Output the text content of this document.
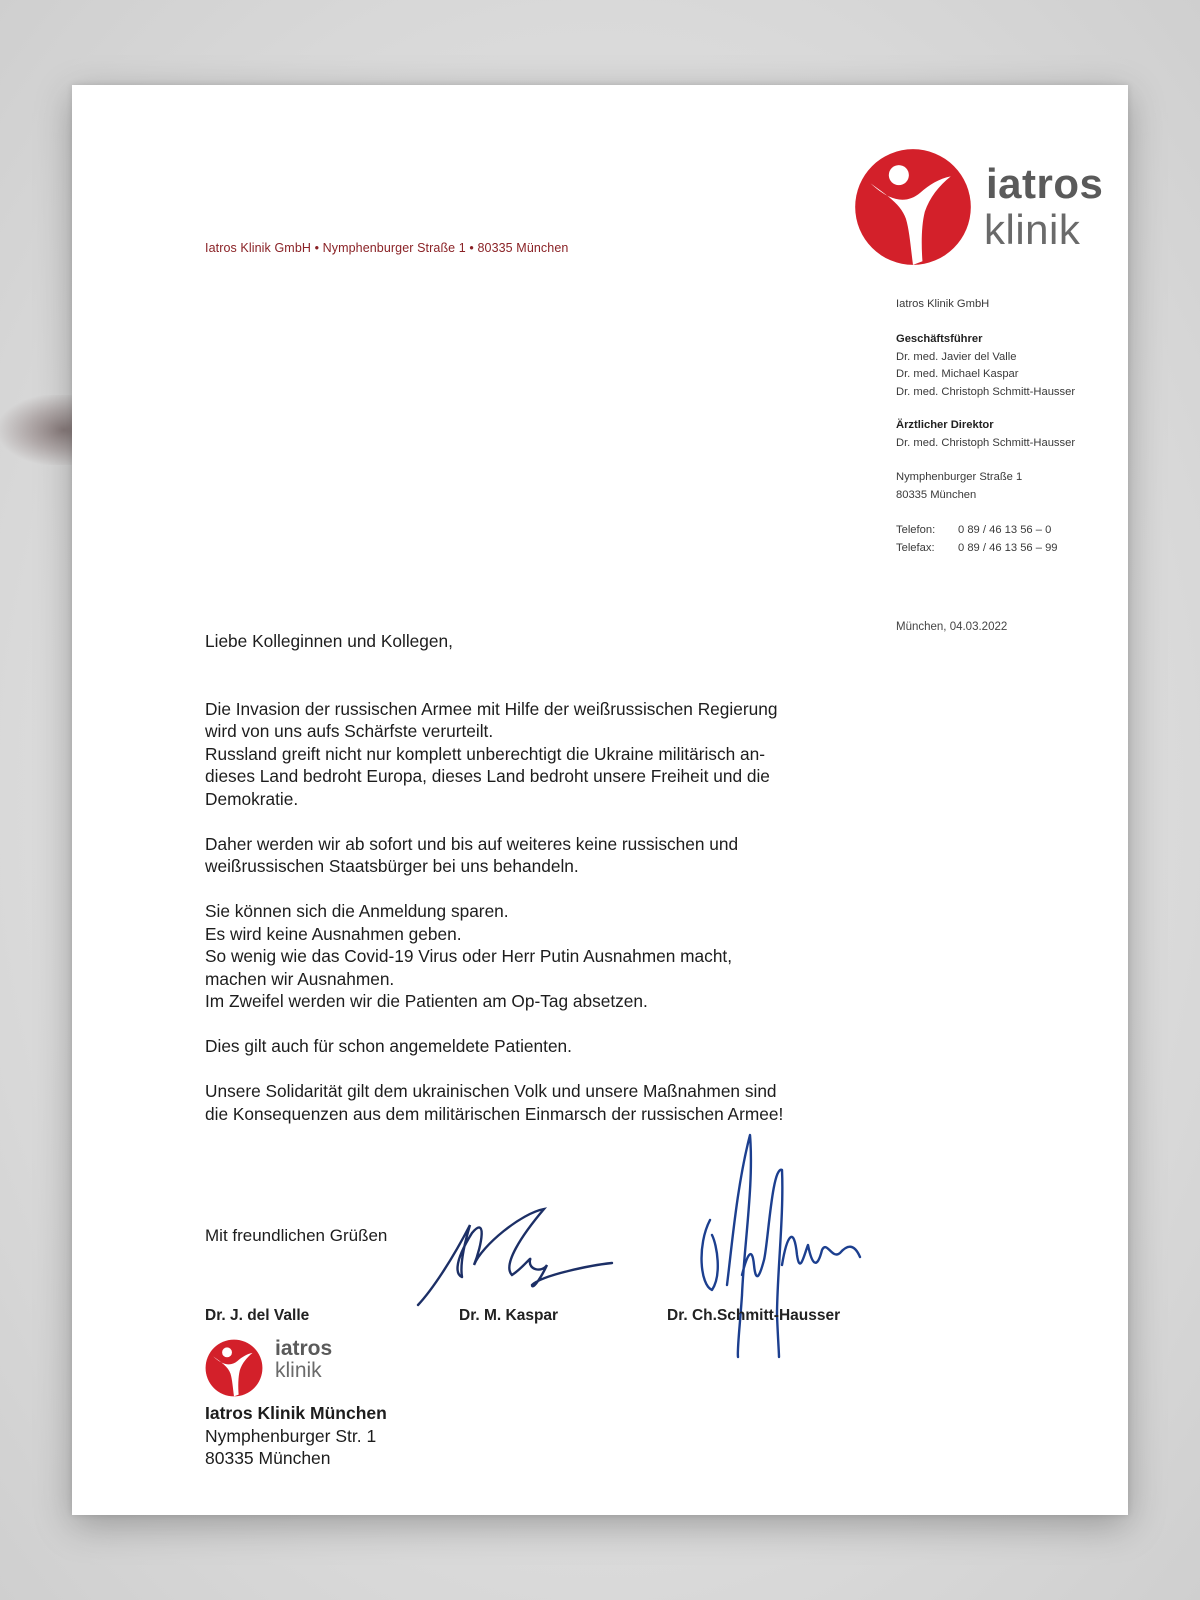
iatros
klinik
Iatros Klinik GmbH • Nymphenburger Straße 1 • 80335 München
Iatros Klinik GmbH
Geschäftsführer
Dr. med. Javier del Valle
Dr. med. Michael Kaspar
Dr. med. Christoph Schmitt-Hausser
Ärztlicher Direktor
Dr. med. Christoph Schmitt-Hausser
Nymphenburger Straße 1
80335 München
Telefon:	0 89 / 46 13 56 – 0
Telefax:	0 89 / 46 13 56 – 99
München, 04.03.2022

Liebe Kolleginnen und Kollegen,

Die Invasion der russischen Armee mit Hilfe der weißrussischen Regierung

wird von uns aufs Schärfste verurteilt.

Russland greift nicht nur komplett unberechtigt die Ukraine militärisch an-

dieses Land bedroht Europa, dieses Land bedroht unsere Freiheit und die

Demokratie.

Daher werden wir ab sofort und bis auf weiteres keine russischen und

weißrussischen Staatsbürger bei uns behandeln.

Sie können sich die Anmeldung sparen.

Es wird keine Ausnahmen geben.

So wenig wie das Covid-19 Virus oder Herr Putin Ausnahmen macht,

machen wir Ausnahmen.

Im Zweifel werden wir die Patienten am Op-Tag absetzen.

Dies gilt auch für schon angemeldete Patienten.

Unsere Solidarität gilt dem ukrainischen Volk und unsere Maßnahmen sind

die Konsequenzen aus dem militärischen Einmarsch der russischen Armee!

Mit freundlichen Grüßen
Dr. J. del Valle	Dr. M. Kaspar	Dr. Ch.Schmitt-Hausser
iatros
klinik
Iatros Klinik München
Nymphenburger Str. 1
80335 München
